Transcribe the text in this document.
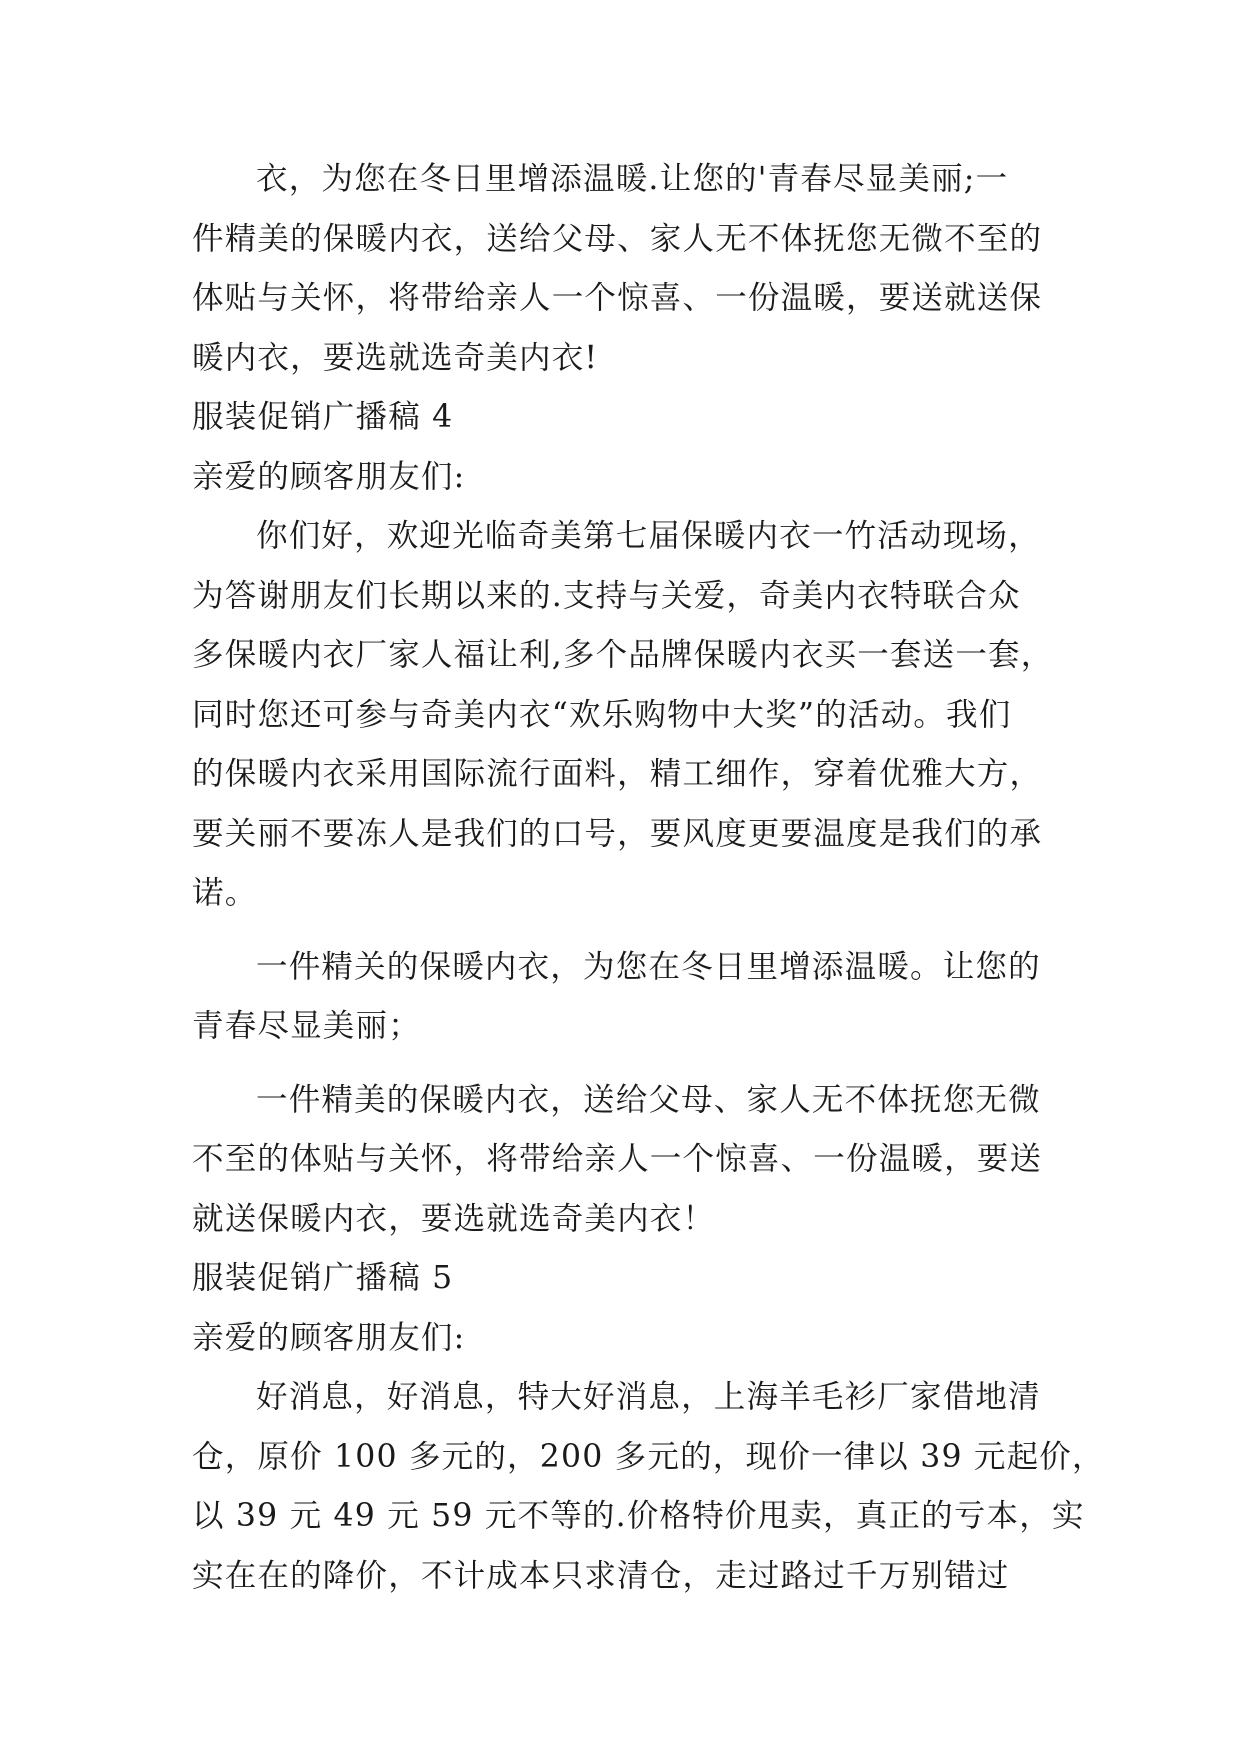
衣，为您在冬日里增添温暖.让您的'青春尽显美丽;一
件精美的保暖内衣，送给父母、家人无不体抚您无微不至的
体贴与关怀，将带给亲人一个惊喜、一份温暖，要送就送保
暖内衣，要选就选奇美内衣!
服装促销广播稿 4
亲爱的顾客朋友们:
你们好，欢迎光临奇美第七届保暖内衣一竹活动现场，
为答谢朋友们长期以来的.支持与关爱，奇美内衣特联合众
多保暖内衣厂家人福让利,多个品牌保暖内衣买一套送一套，
同时您还可参与奇美内衣“欢乐购物中大奖”的活动。我们
的保暖内衣采用国际流行面料，精工细作，穿着优雅大方，
要关丽不要冻人是我们的口号，要风度更要温度是我们的承
诺。
一件精关的保暖内衣，为您在冬日里增添温暖。让您的
青春尽显美丽；
一件精美的保暖内衣，送给父母、家人无不体抚您无微
不至的体贴与关怀，将带给亲人一个惊喜、一份温暖，要送
就送保暖内衣，要选就选奇美内衣！
服装促销广播稿 5
亲爱的顾客朋友们:
好消息，好消息，特大好消息，上海羊毛衫厂家借地清
仓，原价 100 多元的，200 多元的，现价一律以 39 元起价，
以 39 元 49 元 59 元不等的.价格特价甩卖，真正的亏本，实
实在在的降价，不计成本只求清仓，走过路过千万别错过
